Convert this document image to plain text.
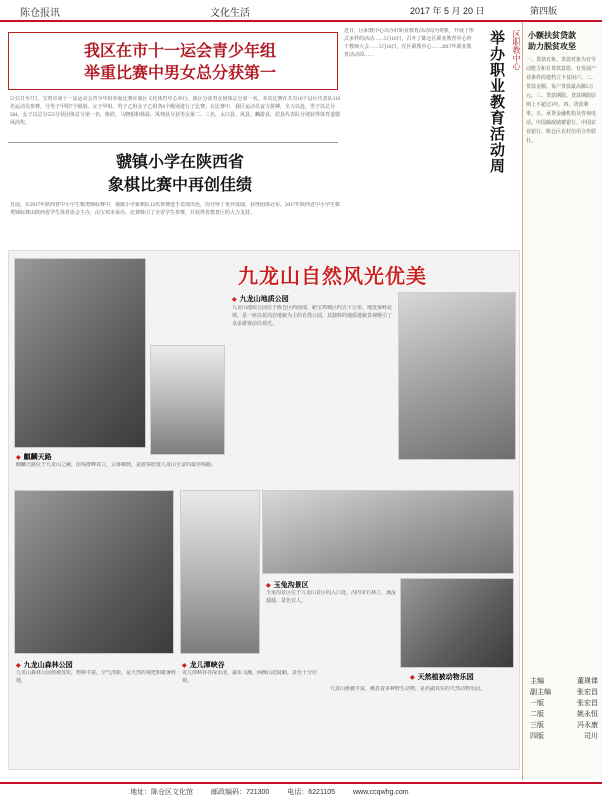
陈仓报讯	文化生活	2017 年 5 月 20 日	第四版
我区在市十一运会青少年组
举重比赛中男女总分获第一
5月5日至7日，宝鸡市第十一届运动会青少年组举重比赛在我区文化体育中心举行。我区分获男女团体总分第一名。本次比赛在共有10个县区代表队316名运动员参赛，分男子甲组7个级别、女子甲组、男子乙组女子乙组各6个级别进行了比赛。在比赛中，我区运动员奋力拼搏，全力以赴，男子以总分584，女子以总分555分获团体总分第一名，陈欣、马晓娟和韩晨、凤翔县分获男女第二、三名，太白县、凤县、麟游县、眉县代表队分别获得体育道德风尚奖。
虢镇小学在陕西省
象棋比赛中再创佳绩
日前，在2017年陕西省中小学生棋类锦标赛中，虢镇小学象棋队12名参赛选手表现出色，均夺得了优异成绩，获得团体冠军。2017年陕西省中小学生棋类锦标赛由陕西省学生体育协会主办，由宝鸡市承办。比赛吸引了全省学生参赛，并获得省教育厅的大力支持。
近日，区职教中心以办好职业教育活动周为契机，开展了形式多样的活动……5月10日，召开了陈仓区职业教育中心骨干教师大会……5月18日，在区职教中心……2017年职业教育活动周……	举办职业教育活动周 区职教中心 小额扶贫贷款
助力脱贫攻坚
一、贷款对象。贷款对象为有劳动能力和有贷款意愿、有发展产业条件的建档立卡贫困户。二、贷款金额。每户贷款最高额5万元。三、贷款期限。贷款期限原则上不超过3年。四、贷款利率。五、承贷金融机构及咨询电话。中国邮政储蓄银行、中国农业银行、陈仓区农村信用合作联社。
主编	董瑛课
副主编	张宏昌
一版	张宏昌
二版	姚永恒
三版	冯永康
四版	司川
九龙山自然风光优美
◆ 九龙山地质公园
九龙山地质公园位于陈仓区西南部，距宝鸡城区约五十公里，地处秦岭北坡，是一座以花岗岩地貌为主的自然公园，其独特的地质地貌景观吸引了众多游客前往观光。
◆ 麒麟天路
麒麟天路位于九龙山之巅，沿线群峰耸立，云雾缭绕，是游客欣赏九龙山全景的最佳线路。
◆ 玉兔沟景区
玉兔沟景区位于九龙山景区的入口处，沟内奇石林立，溪流潺潺，景色宜人。
◆ 九龙山森林公园
九龙山森林公园植被茂密，物种丰富，空气清新，是天然的氧吧和避暑胜地。
◆ 龙儿潭峡谷
龙儿潭峡谷谷深水清，瀑布飞溅，两侧山崖陡峭，景色十分壮观。
◆ 天然植被动物乐园
九龙山植被丰富，栖息着多种野生动物，是名副其实的天然动物乐园。
地址：陈仓区文化馆	邮政编码：721300	电话：6221105	www.ccqwhg.com
